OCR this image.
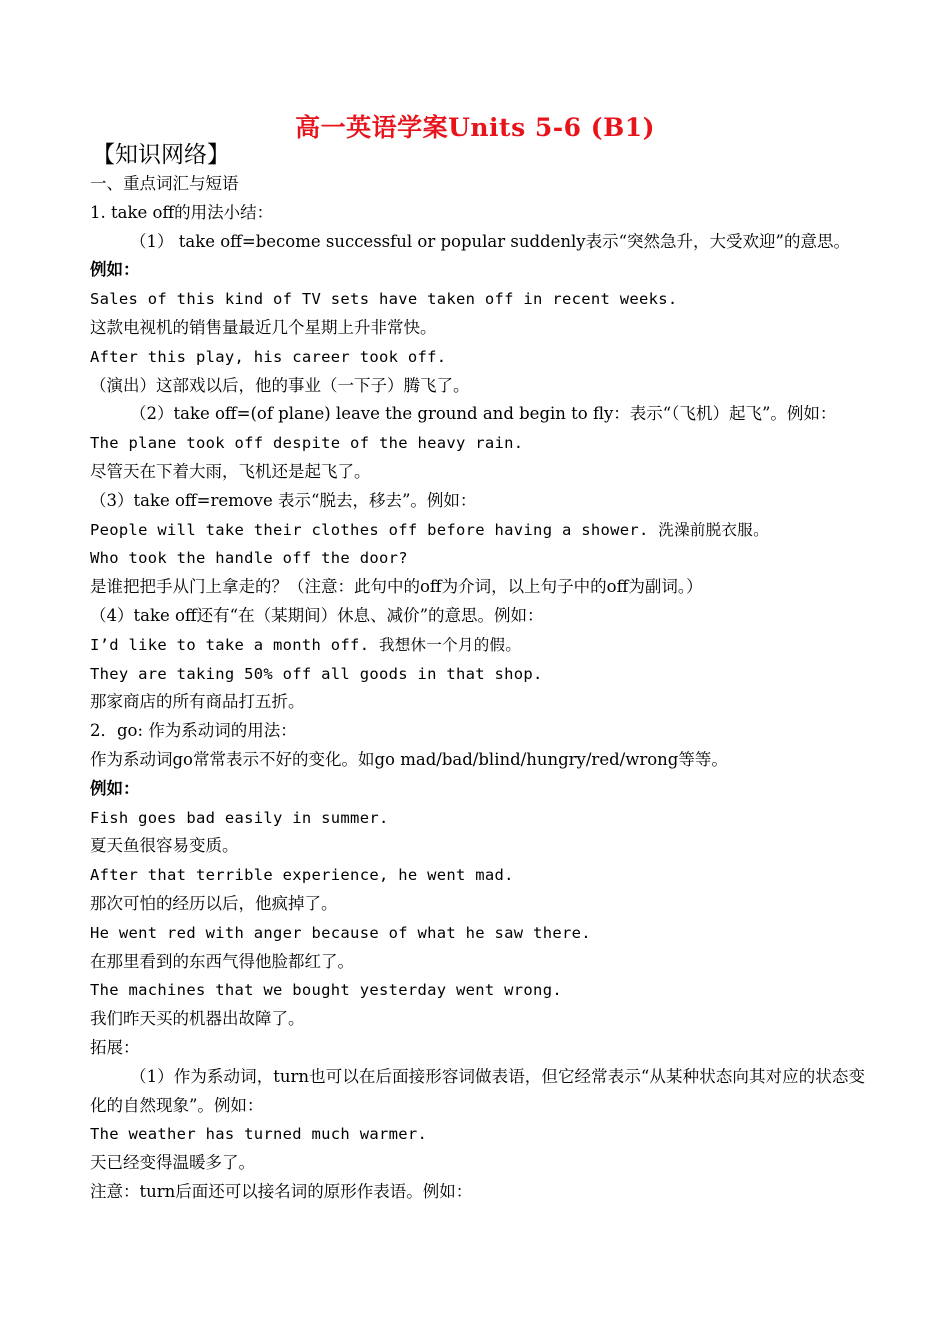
高一英语学案Units 5-6 (B1)
【知识网络】

一、重点词汇与短语

1. take off的用法小结：

（1） take off=become successful or popular suddenly表示“突然急升，大受欢迎”的意思。

例如：

Sales of this kind of TV sets have taken off in recent weeks.

这款电视机的销售量最近几个星期上升非常快。

After this play, his career took off.

（演出）这部戏以后，他的事业（一下子）腾飞了。

（2）take off=(of plane) leave the ground and begin to fly：表示“（飞机）起飞”。例如：

The plane took off despite of the heavy rain.

尽管天在下着大雨，飞机还是起飞了。

（3）take off=remove 表示“脱去，移去”。例如：

People will take their clothes off before having a shower. 洗澡前脱衣服。

Who took the handle off the door?

是谁把把手从门上拿走的？（注意：此句中的off为介词，以上句子中的off为副词。）

（4）take off还有“在（某期间）休息、减价”的意思。例如：

I’d like to take a month off. 我想休一个月的假。

They are taking 50% off all goods in that shop.

那家商店的所有商品打五折。

2．go: 作为系动词的用法：

作为系动词go常常表示不好的变化。如go mad/bad/blind/hungry/red/wrong等等。

例如：

Fish goes bad easily in summer.

夏天鱼很容易变质。

After that terrible experience, he went mad.

那次可怕的经历以后，他疯掉了。

He went red with anger because of what he saw there.

在那里看到的东西气得他脸都红了。

The machines that we bought yesterday went wrong.

我们昨天买的机器出故障了。

拓展：

（1）作为系动词，turn也可以在后面接形容词做表语，但它经常表示“从某种状态向其对应的状态变化的自然现象”。例如：

The weather has turned much warmer.

天已经变得温暖多了。

注意：turn后面还可以接名词的原形作表语。例如：
